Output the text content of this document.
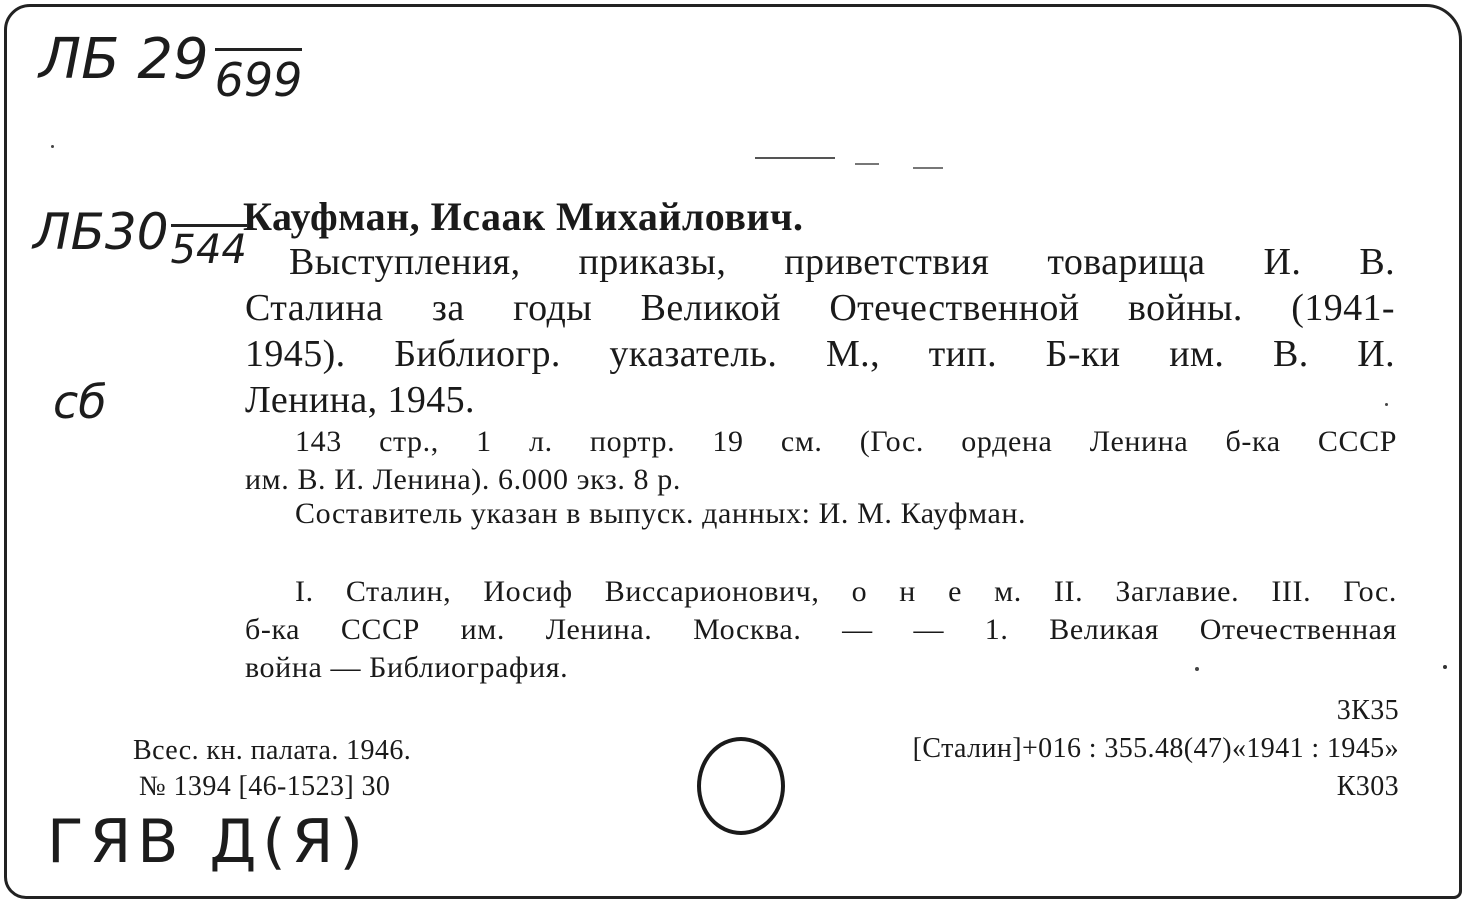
ЛБ 29 699
ЛБ30544
сб
ГЯВ Д(Я)
Кауфман, Исаак Михайлович.
Выступления, приказы, приветствия товарища И. В.
Сталина за годы Великой Отечественной войны. (1941-
1945). Библиогр. указатель. М., тип. Б-ки им. В. И.
Ленина, 1945.
143 стр., 1 л. портр. 19 см. (Гос. ордена Ленина б-ка СССР
им. В. И. Ленина). 6.000 экз. 8 р.
Составитель указан в выпуск. данных: И. М. Кауфман.
I. Сталин, Иосиф Виссарионович, о н е м. II. Заглавие. III. Гос.
б-ка СССР им. Ленина. Москва. — — 1. Великая Отечественная
война — Библиография.
Всес. кн. палата. 1946.
№ 1394 [46-1523] 30
3К35
[Сталин]+016 : 355.48(47)«1941 : 1945»
К303
